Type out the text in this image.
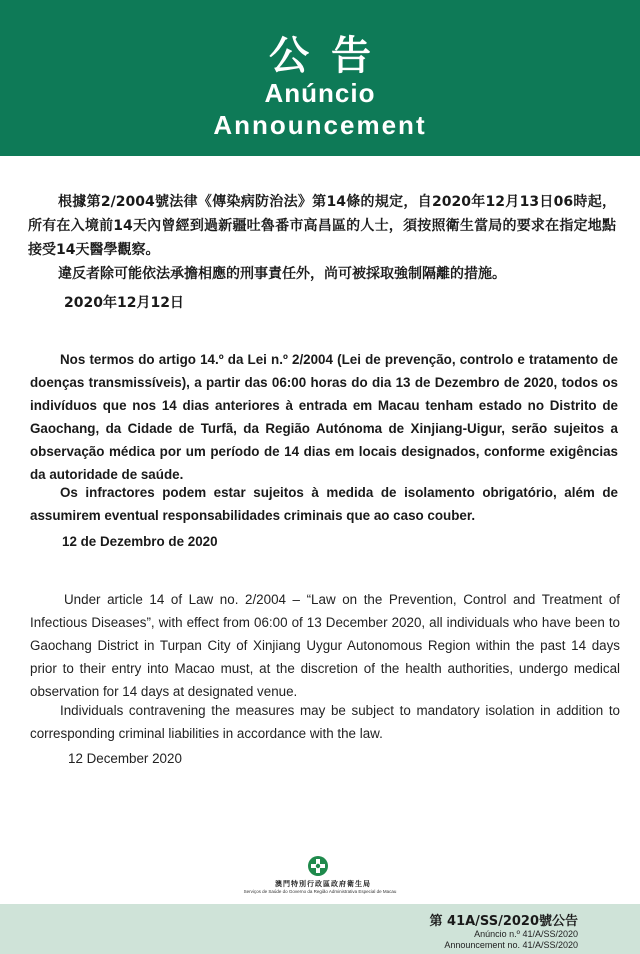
公告
Anúncio
Announcement
根據第2/2004號法律《傳染病防治法》第14條的規定，自2020年12月13日06時起，所有在入境前14天內曾經到過新疆吐魯番市高昌區的人士，須按照衛生當局的要求在指定地點接受14天醫學觀察。
違反者除可能依法承擔相應的刑事責任外，尚可被採取強制隔離的措施。
2020年12月12日
Nos termos do artigo 14.º da Lei n.º 2/2004 (Lei de prevenção, controlo e tratamento de doenças transmissíveis), a partir das 06:00 horas do dia 13 de Dezembro de 2020, todos os indivíduos que nos 14 dias anteriores à entrada em Macau tenham estado no Distrito de Gaochang, da Cidade de Turfã, da Região Autónoma de Xinjiang-Uigur, serão sujeitos a observação médica por um período de 14 dias em locais designados, conforme exigências da autoridade de saúde.
Os infractores podem estar sujeitos à medida de isolamento obrigatório, além de assumirem eventual responsabilidades criminais que ao caso couber.
12 de Dezembro de 2020
Under article 14 of Law no. 2/2004 – “Law on the Prevention, Control and Treatment of Infectious Diseases”, with effect from 06:00 of 13 December 2020, all individuals who have been to Gaochang District in Turpan City of Xinjiang Uygur Autonomous Region within the past 14 days prior to their entry into Macao must, at the discretion of the health authorities, undergo medical observation for 14 days at designated venue.
Individuals contravening the measures may be subject to mandatory isolation in addition to corresponding criminal liabilities in accordance with the law.
12 December 2020
澳門特別行政區政府衛生局
Serviços de Saúde do Governo da Região Administrativa Especial de Macau
第 41A/SS/2020號公告
Anúncio n.º 41/A/SS/2020
Announcement no. 41/A/SS/2020
